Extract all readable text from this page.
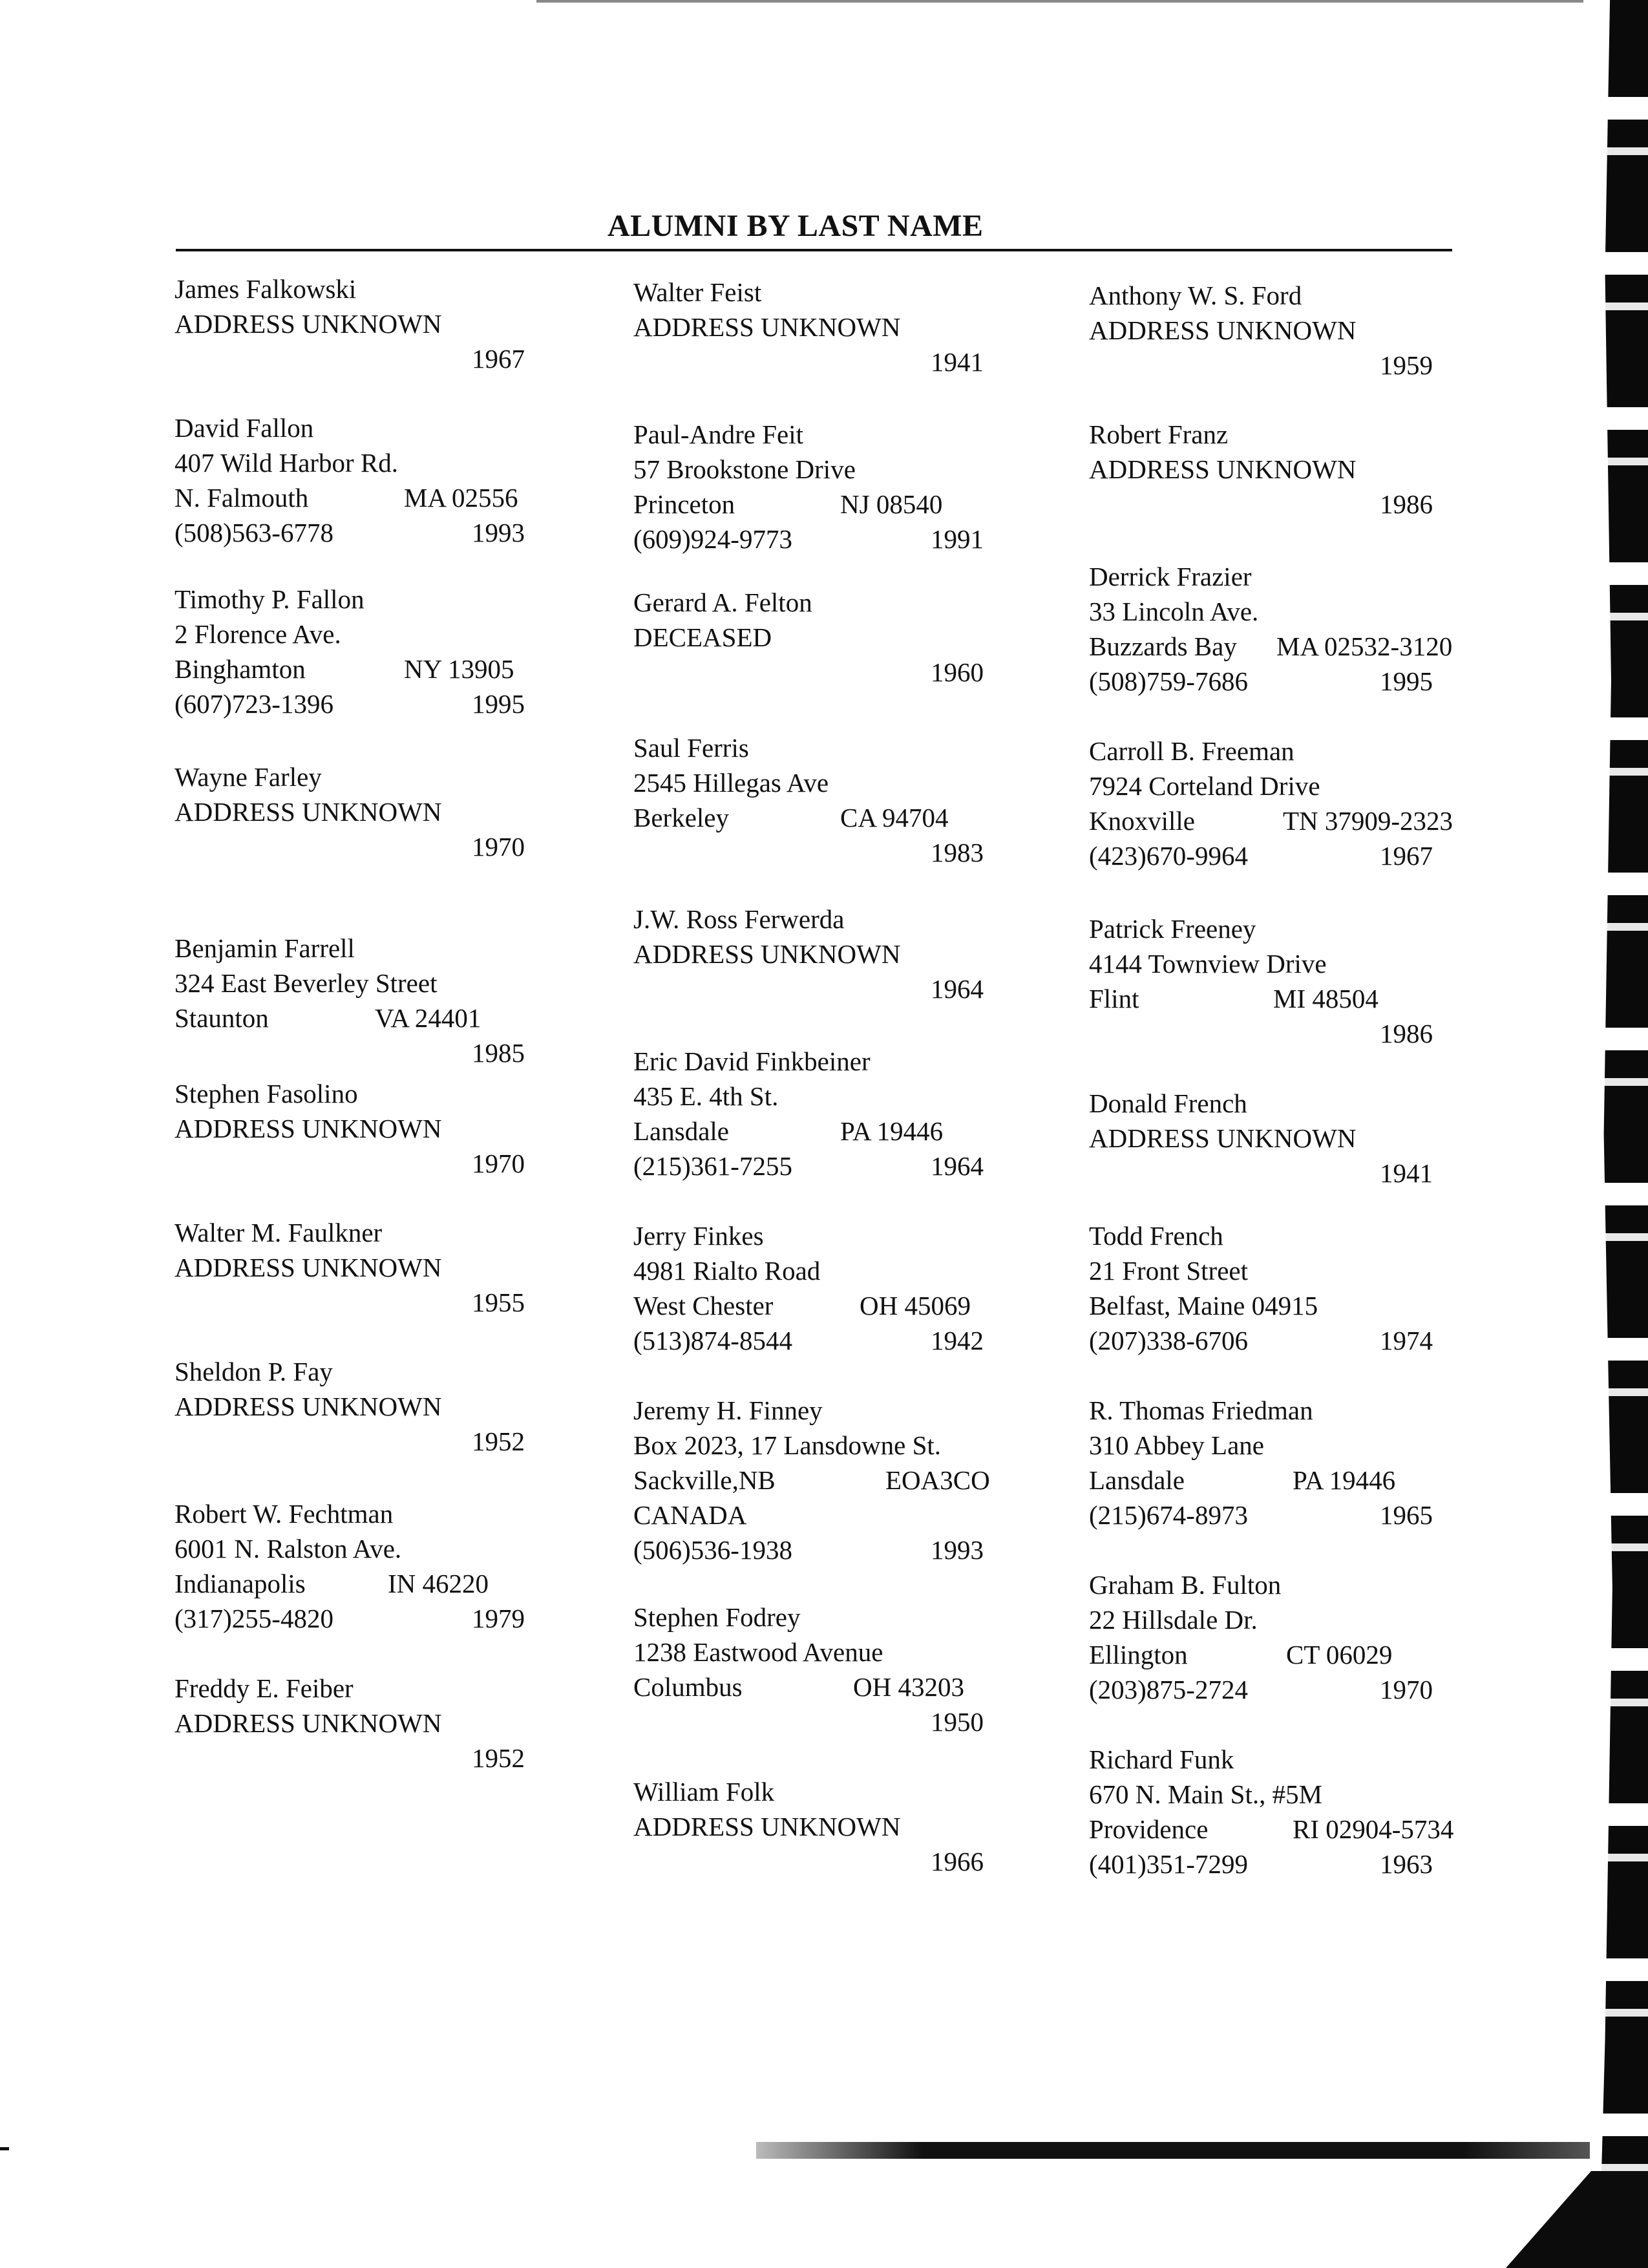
ALUMNI BY LAST NAME
James Falkowski
ADDRESS UNKNOWN
1967
David Fallon
407 Wild Harbor Rd.
N. Falmouth	MA 02556
(508)563-6778	1993
Timothy P. Fallon
2 Florence Ave.
Binghamton	NY 13905
(607)723-1396	1995
Wayne Farley
ADDRESS UNKNOWN
1970
Benjamin Farrell
324 East Beverley Street
Staunton	VA 24401
1985
Stephen Fasolino
ADDRESS UNKNOWN
1970
Walter M. Faulkner
ADDRESS UNKNOWN
1955
Sheldon P. Fay
ADDRESS UNKNOWN
1952
Robert W. Fechtman
6001 N. Ralston Ave.
Indianapolis	IN 46220
(317)255-4820	1979
Freddy E. Feiber
ADDRESS UNKNOWN
1952
Walter Feist
ADDRESS UNKNOWN
1941
Paul-Andre Feit
57 Brookstone Drive
Princeton	NJ 08540
(609)924-9773	1991
Gerard A. Felton
DECEASED
1960
Saul Ferris
2545 Hillegas Ave
Berkeley	CA 94704
1983
J.W. Ross Ferwerda
ADDRESS UNKNOWN
1964
Eric David Finkbeiner
435 E. 4th St.
Lansdale	PA 19446
(215)361-7255	1964
Jerry Finkes
4981 Rialto Road
West Chester	OH 45069
(513)874-8544	1942
Jeremy H. Finney
Box 2023, 17 Lansdowne St.
Sackville,NB	EOA3CO
CANADA
(506)536-1938	1993
Stephen Fodrey
1238 Eastwood Avenue
Columbus	OH 43203
1950
William Folk
ADDRESS UNKNOWN
1966
Anthony W. S. Ford
ADDRESS UNKNOWN
1959
Robert Franz
ADDRESS UNKNOWN
1986
Derrick Frazier
33 Lincoln Ave.
Buzzards Bay MA 02532-3120
(508)759-7686	1995
Carroll B. Freeman
7924 Corteland Drive
Knoxville	TN 37909-2323
(423)670-9964	1967
Patrick Freeney
4144 Townview Drive
Flint	MI 48504
1986
Donald French
ADDRESS UNKNOWN
1941
Todd French
21 Front Street
Belfast, Maine 04915
(207)338-6706	1974
R. Thomas Friedman
310 Abbey Lane
Lansdale	PA 19446
(215)674-8973	1965
Graham B. Fulton
22 Hillsdale Dr.
Ellington	CT 06029
(203)875-2724	1970
Richard Funk
670 N. Main St., #5M
Providence	RI 02904-5734
(401)351-7299	1963
